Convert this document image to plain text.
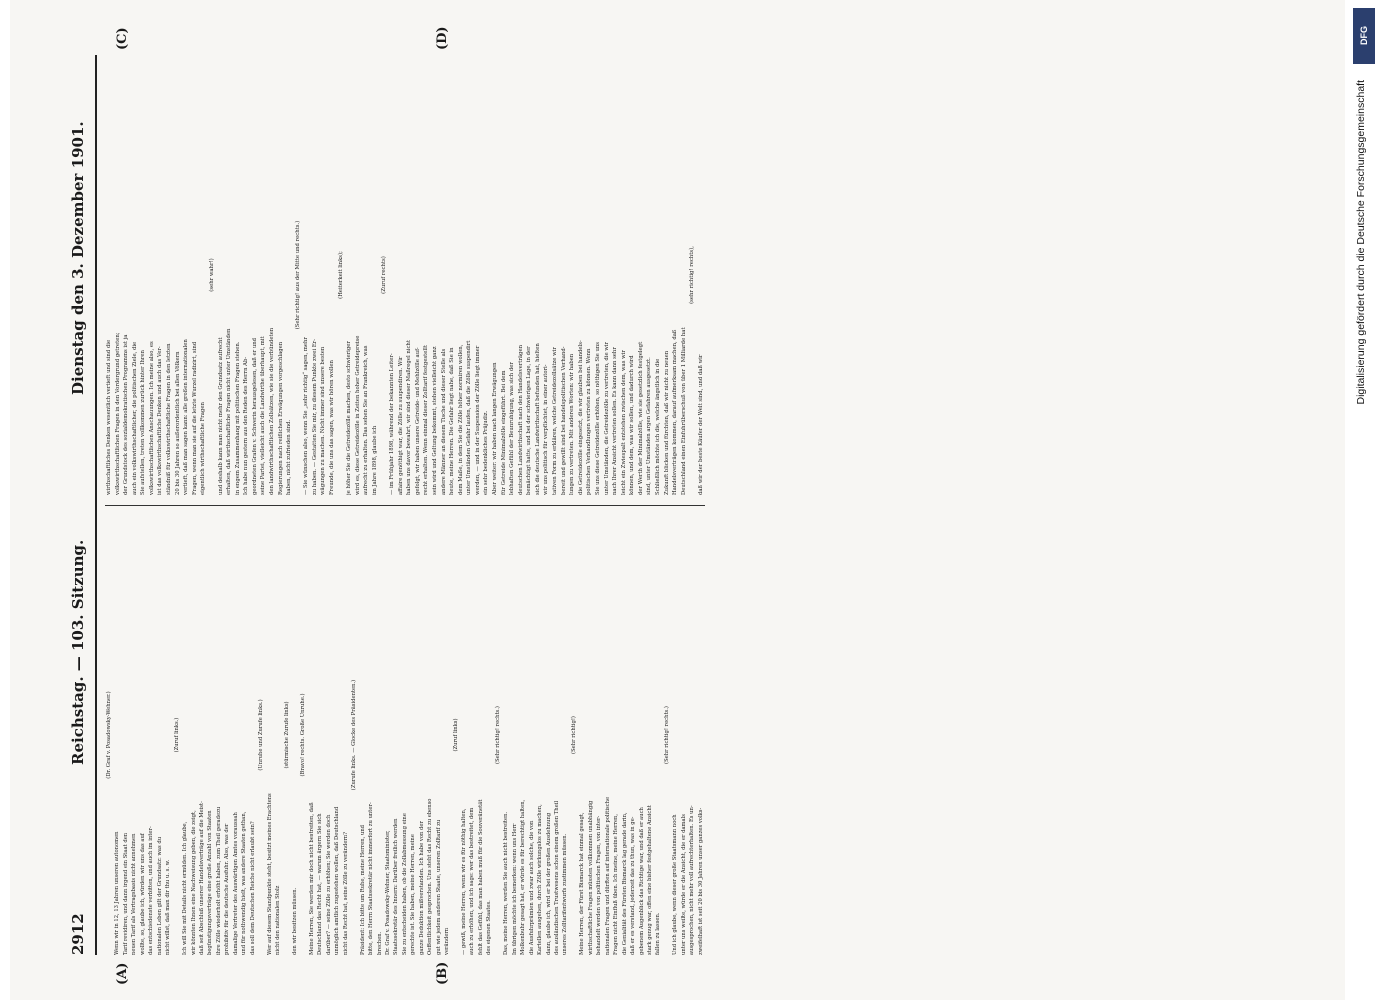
2912
Reichstag. — 103. Sitzung.
Dienstag den 3. Dezember 1901.
(A)	(B)
(C)	(D)

(Dr. Graf v. Posadowsky-Wehner.)

Wenn wir in 12, 13 Jahren unseren autonomen Tarif revidiren, und dann irgend ein Staat den neuen Tarif als Vertragsbasis nicht annehmen wollte, so, glaube ich, würden wir uns das auf das entschiedenste verbitten, und auch im inter- nationalen Leben gilt der Grundsatz: was du nicht willst, daß man dir thu u. s. w.

(Zuruf links.)

Ich will Sie mit Details nicht ermüden. Ich glaube, wir könnten Ihnen eine Nachweisung geben, die zeigt, daß seit Abschluß unserer Handelsverträge auf die Meist- begünstigungsverträge eine große Anzahl von Staaten ihre Zölle wiederholt erhöht haben, zum Theil geradezu prohibitiv für die deutsche Ausfuhr. Also, was der damalige Vertreter des Auswärtigen Amtes voraussah und für nothwendig hielt, was andere Staaten gethan, das soll dem Deutschen Reiche nicht erlaubt sein?

(Unruhe und Zurufe links.)

Wer auf diesem Standpunkte steht, besitzt meines Erachtens nicht den nationalen Stolz

(stürmische Zurufe links)

den wir besitzen müssen.

(Bravo! rechts. Große Unruhe.)

Meine Herren, Sie werden mir doch nicht bestreiten, daß Deutschland das Recht hat, — warum ärgern Sie sich darüber? — seine Zölle zu erhöhen; Sie werden doch unmöglich amtlich zugestehen wollen, daß Deutschland nicht das Recht hat, seine Zölle zu verändern?

(Zurufe links. — Glocke des Präsidenten.)

Präsident: Ich bitte um Ruhe, meine Herren, und bitte, den Herrn Staatssekretär nicht immerfort zu unter- brechen. Dr. Graf v. Posadowsky-Wehner, Staatsminister, Staatssekretär des Innern: Darüber freilich werden Sie zu entscheiden haben, ob die Zollabmessung eine gerechte ist. Sie haben, meine Herren, meine ganze Deduktion mißverstanden. Ich habe von der Oeffentlichkeit gesprochen. Uns steht das Recht zu ebenso gut wie jedem anderen Staate, unseren Zolltarif zu verändern

(Zuruf links)

— gewiß, meine Herren, wenn wir es für nöthig halten, auch zu erhöhen, und ich sage: wer das bestreitet, dem fehlt das Gefühl, das man haben muß für die Souveränetät des eigenen Staates.

(Sehr richtig! rechts.)

Das, meine Herren, werden Sie auch nicht bestreiten. Im übrigen möchte ich bemerken: wenn uns Herr Molkenbuhr gesagt hat, er würde es für berechtigt halten, die Ausfuhrprämien und zwar auch solche, die von Kartellen ausgehen, durch Zölle wirkungslos zu machen, dann, glaube ich, wird er bei der großen Ausdehnung des ausländischen Trustwesens schon einem großen Theil unseres Zolltarifentwurfs zustimmen müssen.

(Sehr richtig!)

Meine Herren, der Fürst Bismarck hat einmal gesagt, wirthschaftliche Fragen müssten vollkommen unabhängig behandelt werden von politischen Fragen, von inter- nationalen Fragen und dürften auf internationale politische Fragen nicht Einfluß üben. Ich meine, meine Herren, die Genialität des Fürsten Bismarck lag gerade darin, daß er es verstand, jederzeit das zu thun, was in ge- gebenem Augenblick das Richtige war, und daß er auch stark genug war, offen eine bisher festgehaltene Ansicht fallen zu lassen.

(Sehr richtig! rechts.)

Und ich glaube, wenn dieser große Staatsmann noch unter uns weilte, würde er die Ansicht, die er damals ausgesprochen, nicht mehr voll aufrechterhalten. Es un- zweifelhaft ist seit 20 bis 30 Jahren unser ganzes volks-

wirthschaftliches Denken wesentlich vertieft und sind die volkswirthschaftlichen Fragen in den Vordergrund getreten; der Grundstock des sozialdemokratischen Programms ist ja auch ein volkswirthschaftlicher, die politischen Ziele, die Sie aufstellen, treten vollkommen zurück hinter Ihren volkswirthschaftlichen Anschauungen. Ich meine also, es ist das volkswirthschaftliche Denken und auch das Ver- ständniß für volkswirthschaftliche Fragen in den letzten 20 bis 30 Jahren so außerordentlich bei allen Völkern vertieft, daß man sagen kann: alle großen internationalen Fragen, wenn man sie auf die letzte Wurzel radizirt, sind eigentlich wirthschaftliche Fragen

(sehr wahr!)

und deshalb kann man nicht mehr den Grundsatz aufrecht erhalten, daß wirthschaftliche Fragen nicht unter Umständen in engem Zusammenhang mit politischen Fragen stehen. Ich habe nun gestern aus den Reden des Herrn Ab- geordneten Grafen v. Schwerin herausgelesen, daß er und seine Partei, vielleicht auch die Landwirthe überhaupt, mit den landwirthschaftlichen Zollsätzen, wie sie die verbündeten Regierungen nach reiflichen Erwägungen vorgeschlagen haben, nicht zufrieden sind.

(Sehr richtig! aus der Mitte und rechts.)

— Sie wünschen also, wenn Sie „sehr richtig“ sagen, mehr zu haben. — Gestatten Sie mir, zu diesem Punkte zwei Er- wägungen zu machen. Nicht immer sind unsere besten Freunde, die uns das sagen, was wir hören wollen

(Heiterkeit links);

je höher Sie die Getreidezölle machen, desto schwieriger wird es, diese Getreidezölle in Zeiten hoher Getreidepreise aufrecht zu erhalten. Das sehen Sie an Frankreich, was im Jahre 1898, glaube ich

(Zuruf rechts)

— im Frühjahr 1898, während der bekannten Leiter- affaire genöthigt war, die Zölle zu suspendiren. Wir haben uns davor bewahrt, wir sind dieser Maßregel nicht gefolgt, wir haben unsere Getreide- und Mehlzölle auf- recht erhalten. Wenn einmal dieser Zolltarif festgestellt sein wird und Geltung bekommt, stehen vielleicht ganz andere Männer an diesem Tische und dieser Stelle als heute, meine Herren. Die Gefahr liegt nahe, daß Sie in dem Maße, in dem Sie die Zölle höher normiren wollen, unter Umständen Gefahr laufen, daß die Zölle suspendirt werden, — und in der Suspension der Zölle liegt immer ein sehr bedenkliches Präjudiz. Aber weiter: wir haben nach langen Erwägungen für Getreide Minimalzölle eingeführt. Bei dem lebhaften Gefühl der Beunruhigung, was sich der deutschen Landwirthschaft nach den Handelsverträgen bemächtigt hatte, und bei der schwierigen Lage, in der sich die deutsche Landwirthschaft befunden hat, hielten wir uns politisch für verpflichtet, in einer autori- tativen Form zu erklären, welche Getreidezollsätze wir bereit und gewillt sind bei handelspolitischen Verhand- lungen zu vertreten. Mit anderen Worten: wir haben die Getreidezölle eingesetzt, die wir glauben bei handels- politischen Verhandlungen vertreten zu können. Wenn Sie uns diese Getreidezölle erhöhen, so nöthigen Sie uns unter Umständen, die Getreidezölle zu vertreten, die wir nach Ihrer Ansicht vertreten sollen. Es kann dann sehr leicht ein Zwiespalt entstehen zwischen dem, was wir können, und dem, was wir sollen, und dadurch wird der Werth der Minimalzölle, wie sie gesetzlich festgelegt sind, unter Umständen argen Gefahren ausgesetzt. Schließlich möchte ich die, welche ängstlich in die Zukunft blicken und fürchten, daß wir nicht zu neuen Handelsverträgen kommen, darauf aufmerksam machen, daß Deutschland einen Einfuhrüberschuß von über 1 Milliarde hat

(sehr richtig! rechts),

daß wir der beste Käufer der Welt sind, und daß wir

DFG
Digitalisierung gefördert durch die Deutsche Forschungsgemeinschaft
